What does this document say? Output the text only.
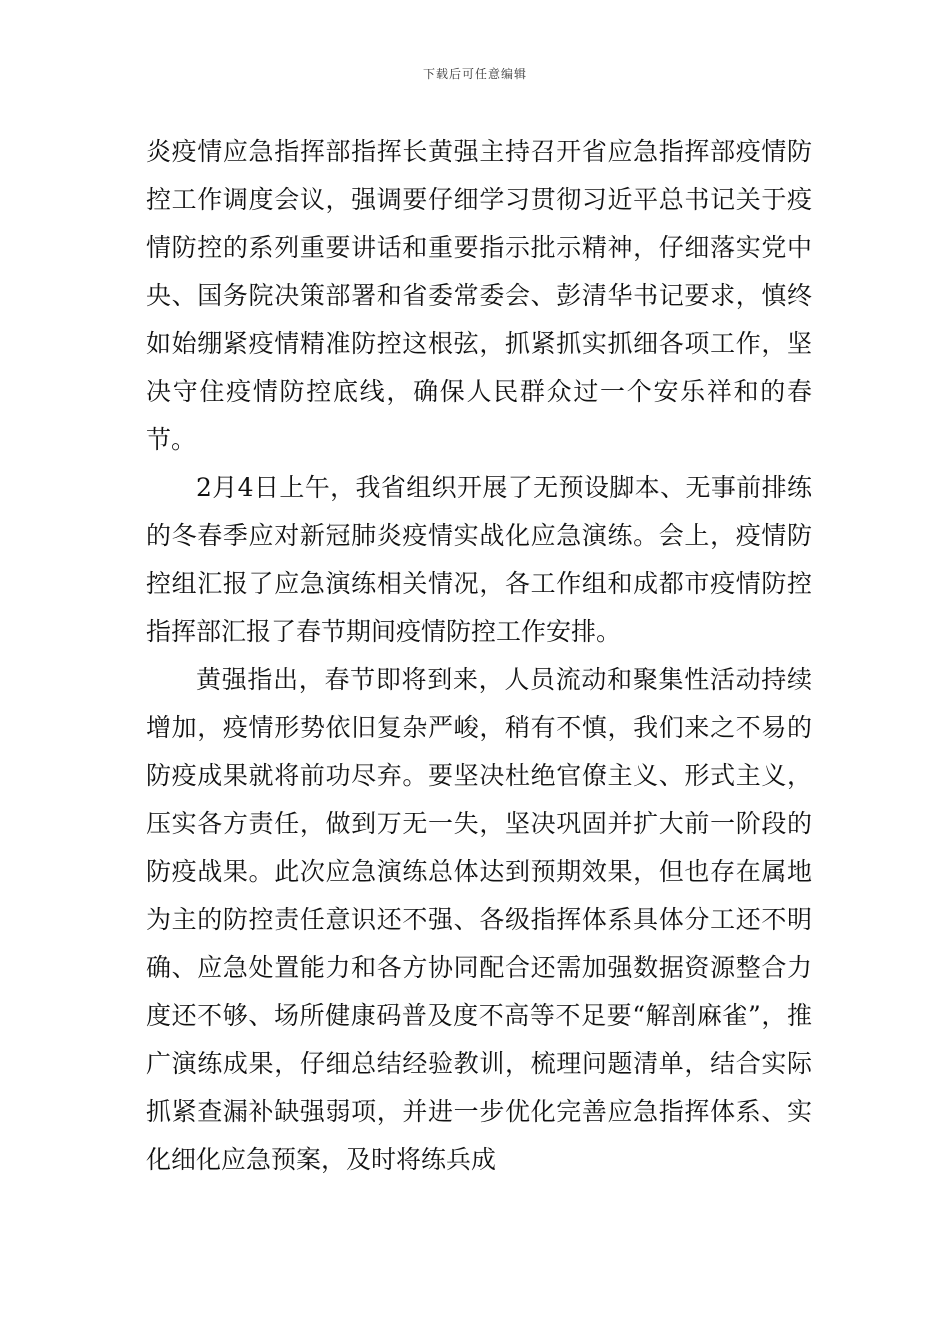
下载后可任意编辑

炎疫情应急指挥部指挥长黄强主持召开省应急指挥部疫情防控工作调度会议，强调要仔细学习贯彻习近平总书记关于疫情防控的系列重要讲话和重要指示批示精神，仔细落实党中央、国务院决策部署和省委常委会、彭清华书记要求，慎终如始绷紧疫情精准防控这根弦，抓紧抓实抓细各项工作，坚决守住疫情防控底线，确保人民群众过一个安乐祥和的春节。

2月4日上午，我省组织开展了无预设脚本、无事前排练的冬春季应对新冠肺炎疫情实战化应急演练。会上，疫情防控组汇报了应急演练相关情况，各工作组和成都市疫情防控指挥部汇报了春节期间疫情防控工作安排。

黄强指出，春节即将到来，人员流动和聚集性活动持续增加，疫情形势依旧复杂严峻，稍有不慎，我们来之不易的防疫成果就将前功尽弃。要坚决杜绝官僚主义、形式主义，压实各方责任，做到万无一失，坚决巩固并扩大前一阶段的防疫战果。此次应急演练总体达到预期效果，但也存在属地为主的防控责任意识还不强、各级指挥体系具体分工还不明确、应急处置能力和各方协同配合还需加强数据资源整合力度还不够、场所健康码普及度不高等不足要“解剖麻雀”，推广演练成果，仔细总结经验教训，梳理问题清单，结合实际抓紧查漏补缺强弱项，并进一步优化完善应急指挥体系、实化细化应急预案，及时将练兵成
